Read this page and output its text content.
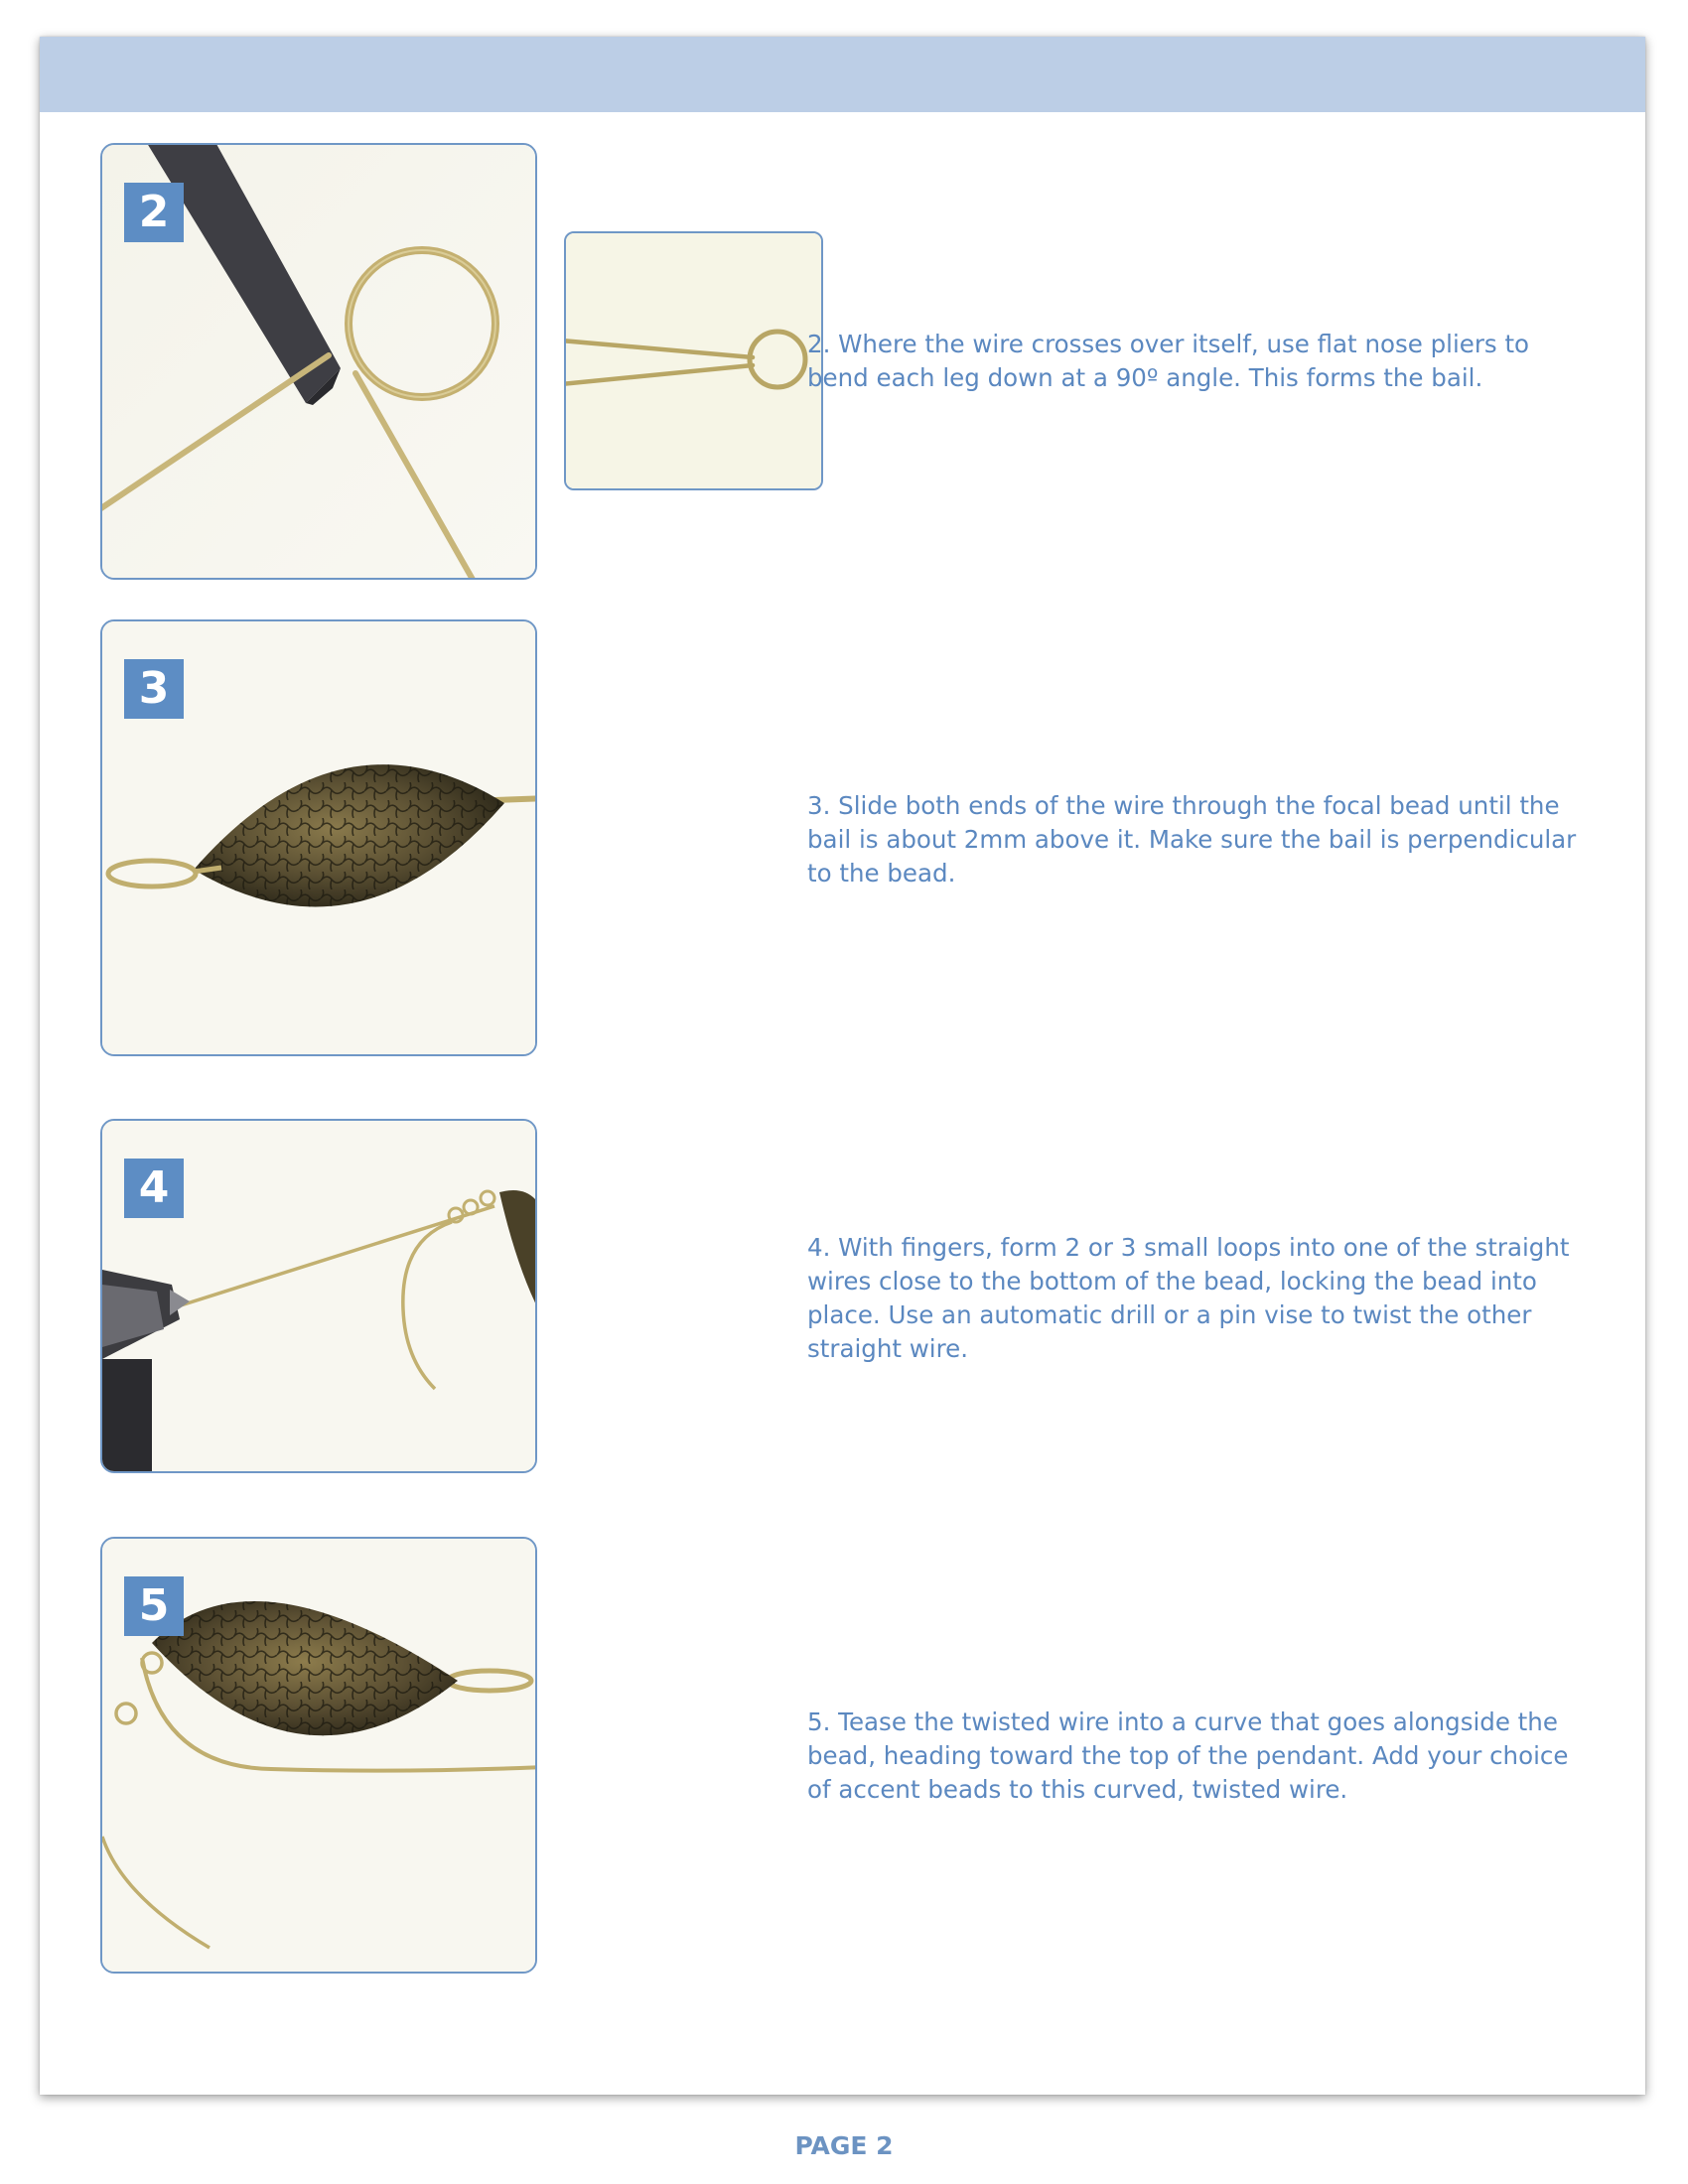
2
2. Where the wire crosses over itself, use flat nose pliers to bend each leg down at a 90º angle. This forms the bail.
3
3. Slide both ends of the wire through the focal bead until the bail is about 2mm above it. Make sure the bail is perpendicular to the bead.
4
4. With fingers, form 2 or 3 small loops into one of the straight wires close to the bottom of the bead, locking the bead into place. Use an automatic drill or a pin vise to twist the other straight wire.
5
5. Tease the twisted wire into a curve that goes alongside the bead, heading toward the top of the pendant. Add your choice of accent beads to this curved, twisted wire.
PAGE 2
